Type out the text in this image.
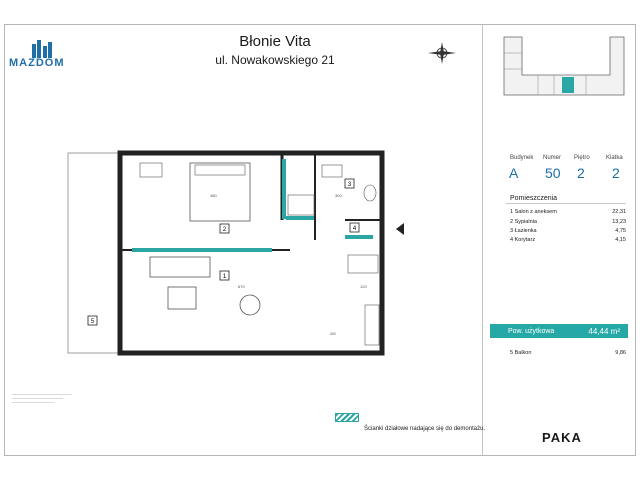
MAZDOM
Błonie Vita
ul. Nowakowskiego 21
1
2
3
4
5
480
670
300
120
2M
────────────────────────────
────────────────────────
────────────────────
Ścianki działowe nadające się do demontażu.
Budynek Numer Piętro	Klatka
A 50 2 2
Pomieszczenia
1 Salon z aneksem	22,31
2 Sypialnia	13,23
3 Łazienka	4,75
4 Korytarz	4,15
Pow. użytkowa	44,44 m²
5 Balkon	9,86
PAKA
